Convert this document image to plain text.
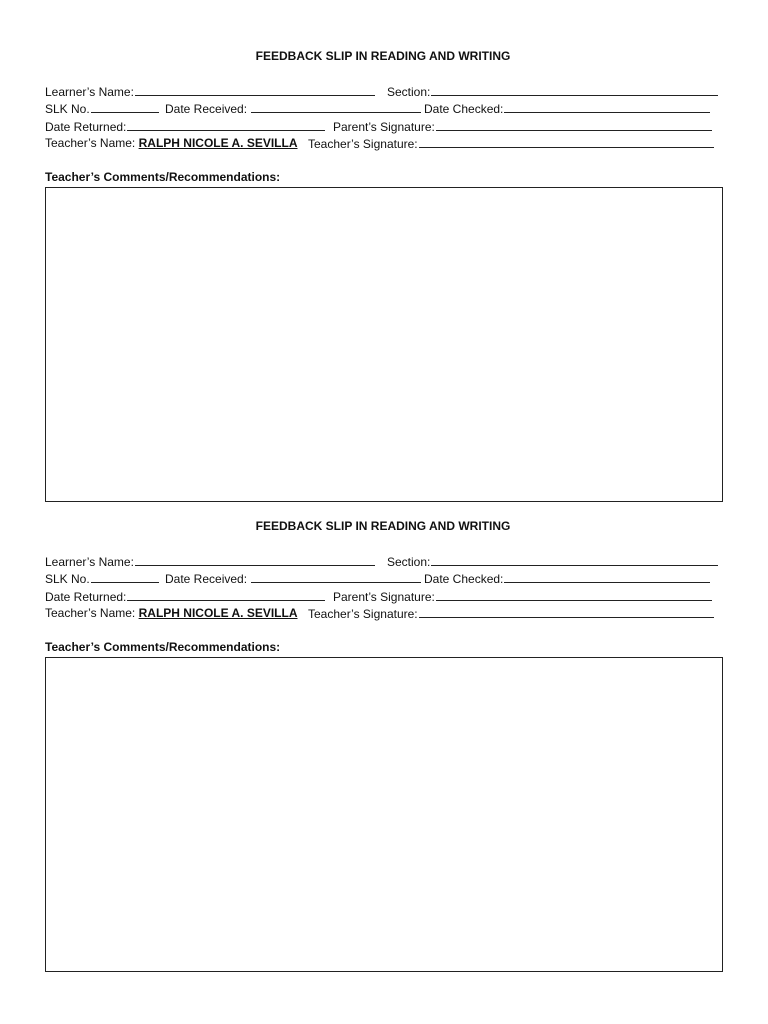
FEEDBACK SLIP IN READING AND WRITING
Learner’s Name:	Section:
SLK No.	Date Received:	Date Checked:
Date Returned:	Parent’s Signature:
Teacher’s Name: RALPH NICOLE A. SEVILLA Teacher’s Signature:
Teacher’s Comments/Recommendations:
FEEDBACK SLIP IN READING AND WRITING
Learner’s Name:	Section:
SLK No.	Date Received:	Date Checked:
Date Returned:	Parent’s Signature:
Teacher’s Name: RALPH NICOLE A. SEVILLA Teacher’s Signature:
Teacher’s Comments/Recommendations:
